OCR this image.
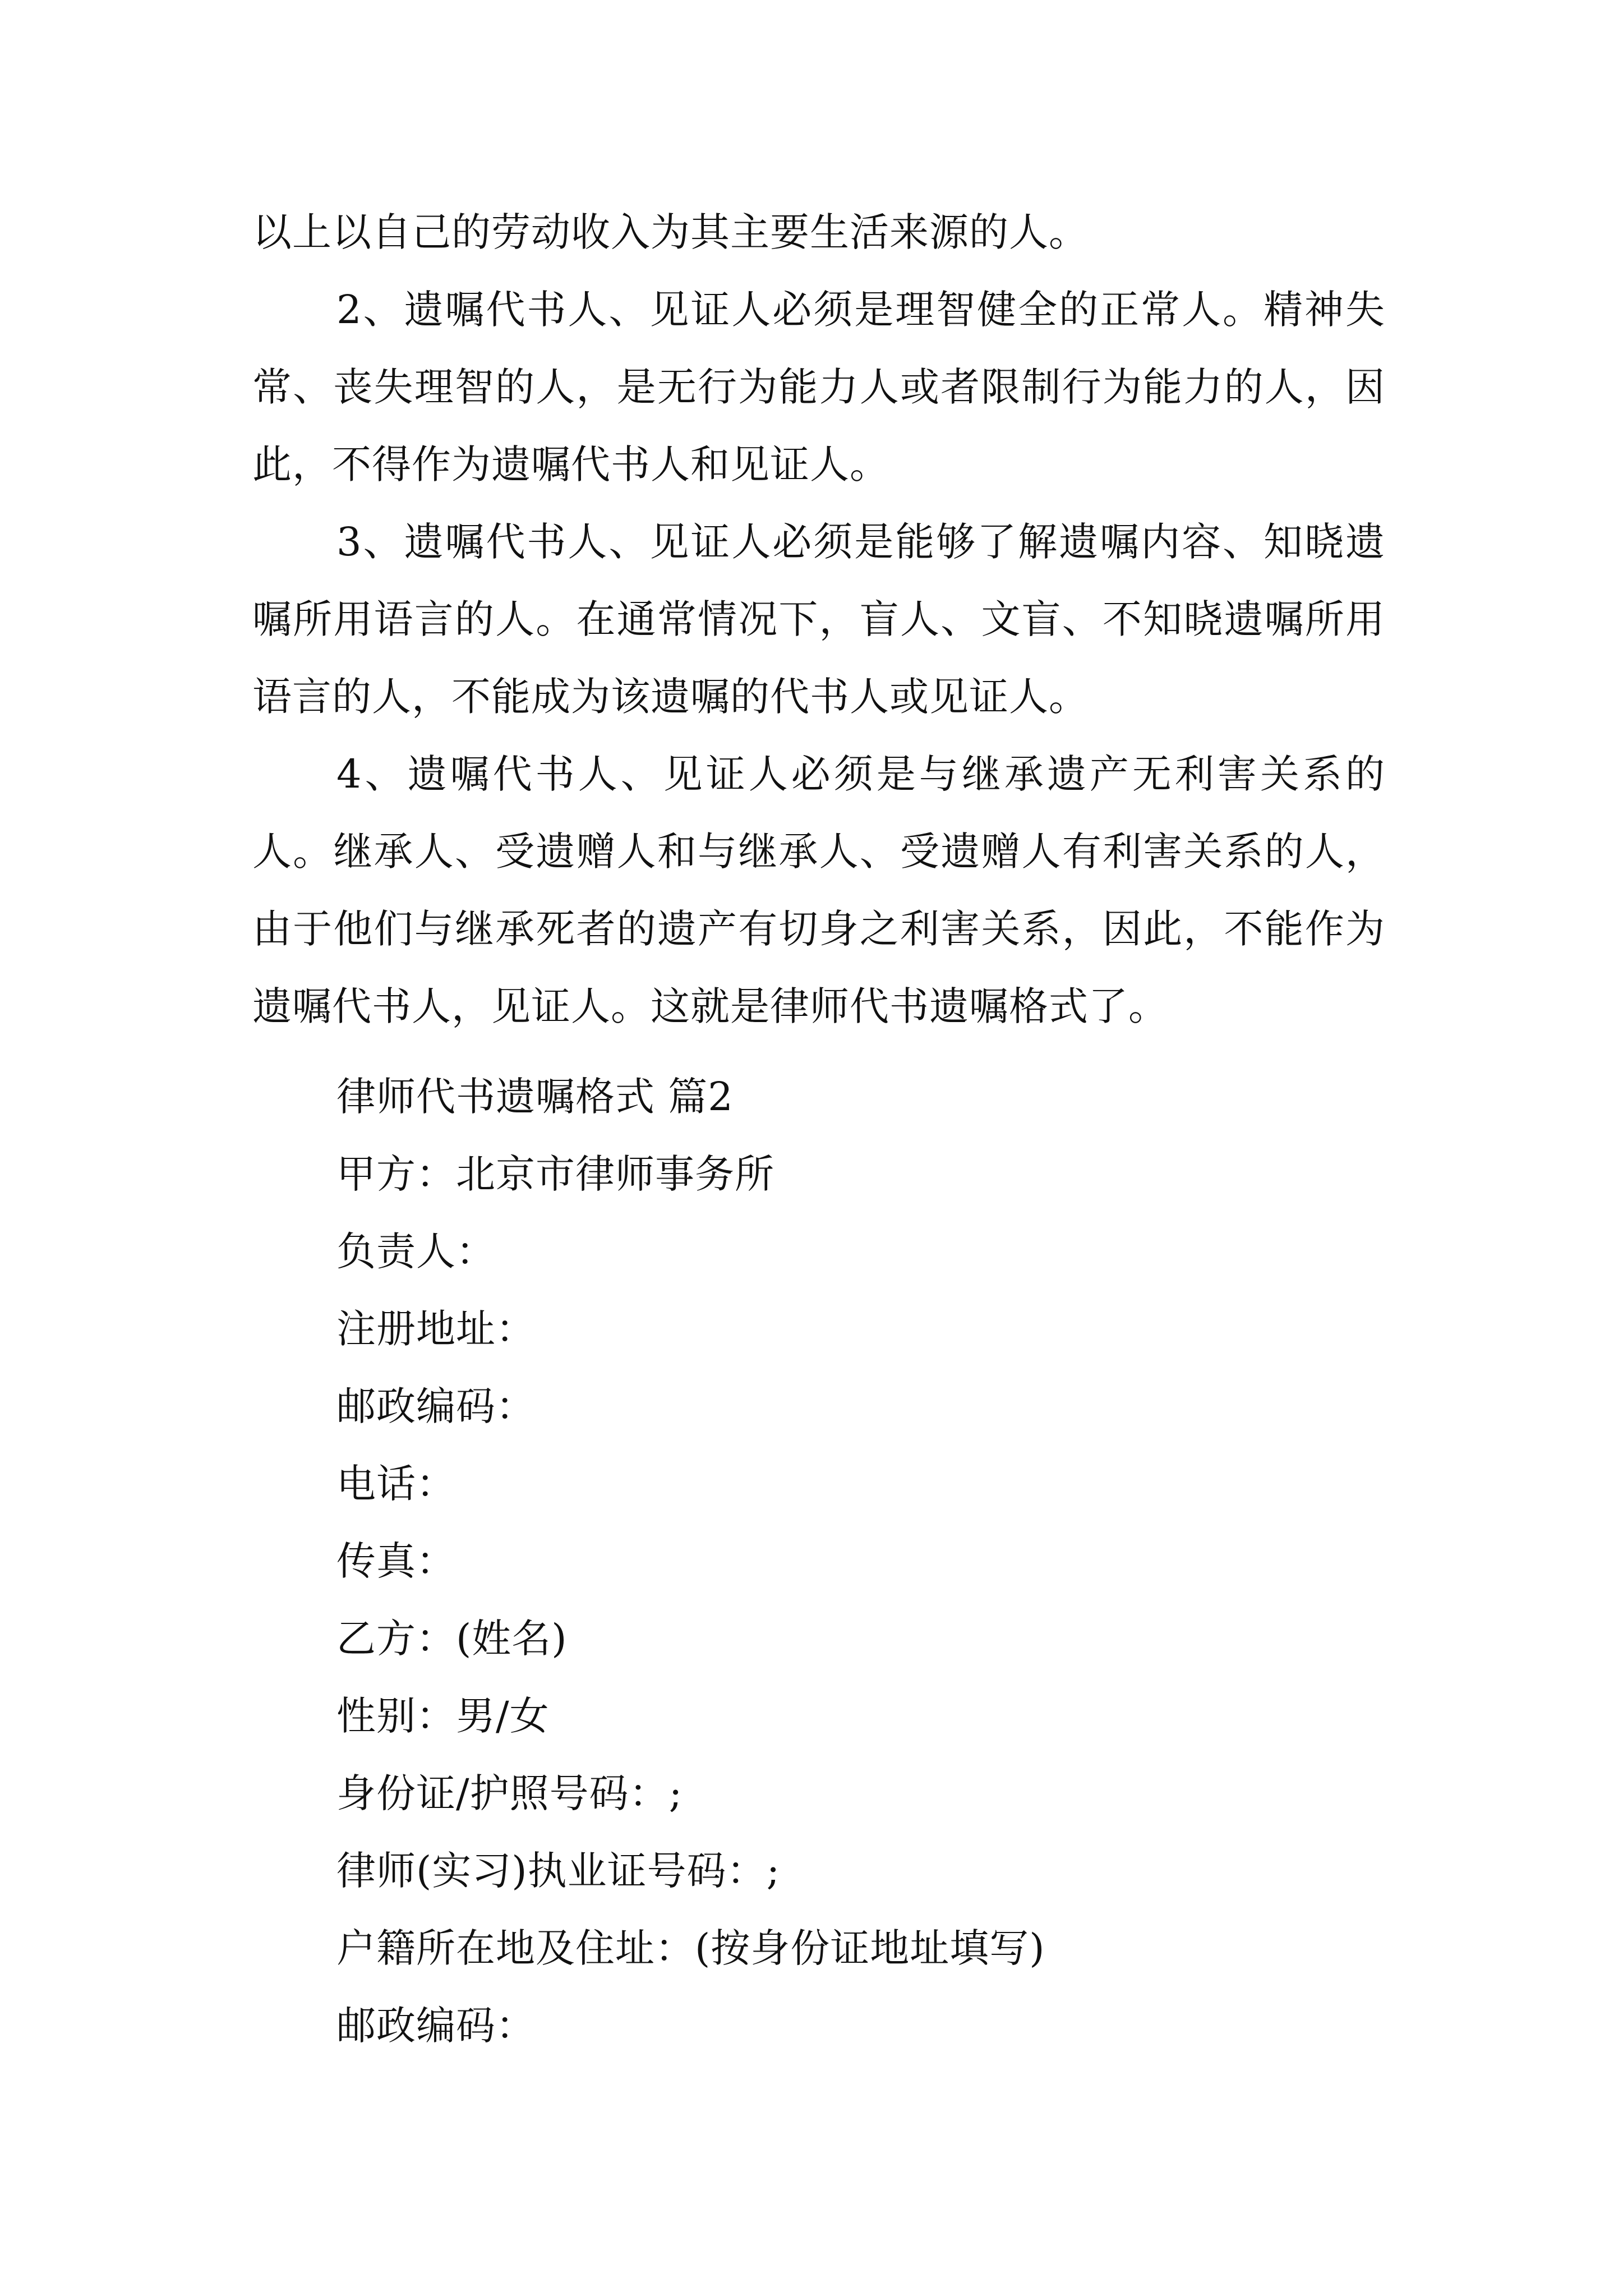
以上以自己的劳动收入为其主要生活来源的人。

2、遗嘱代书人、见证人必须是理智健全的正常人。精神失常、丧失理智的人，是无行为能力人或者限制行为能力的人，因此，不得作为遗嘱代书人和见证人。

3、遗嘱代书人、见证人必须是能够了解遗嘱内容、知晓遗嘱所用语言的人。在通常情况下，盲人、文盲、不知晓遗嘱所用语言的人，不能成为该遗嘱的代书人或见证人。

4、遗嘱代书人、见证人必须是与继承遗产无利害关系的人。继承人、受遗赠人和与继承人、受遗赠人有利害关系的人，由于他们与继承死者的遗产有切身之利害关系，因此，不能作为遗嘱代书人，见证人。这就是律师代书遗嘱格式了。

律师代书遗嘱格式 篇2

甲方：北京市律师事务所

负责人：

注册地址：

邮政编码：

电话：

传真：

乙方：(姓名)

性别：男/女

身份证/护照号码：;

律师(实习)执业证号码：;

户籍所在地及住址：(按身份证地址填写)

邮政编码：
